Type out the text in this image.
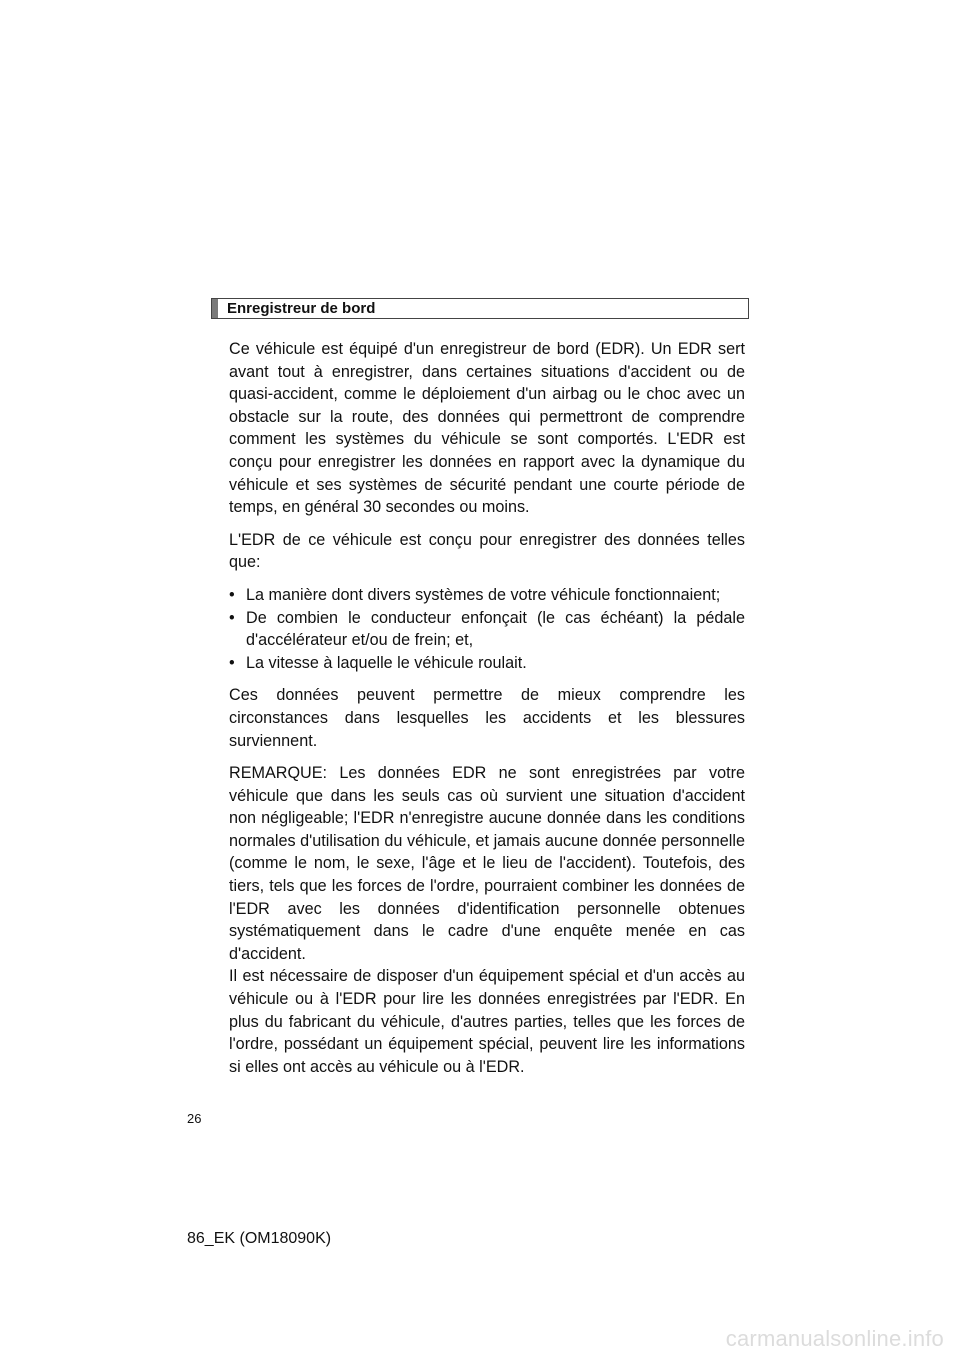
Enregistreur de bord

Ce véhicule est équipé d'un enregistreur de bord (EDR). Un EDR sert avant tout à enregistrer, dans certaines situations d'accident ou de quasi-accident, comme le déploiement d'un airbag ou le choc avec un obstacle sur la route, des données qui permettront de comprendre comment les systèmes du véhicule se sont comportés. L'EDR est conçu pour enregistrer les données en rapport avec la dynamique du véhicule et ses systèmes de sécurité pendant une courte période de temps, en général 30 secondes ou moins.

L'EDR de ce véhicule est conçu pour enregistrer des données telles que:

• La manière dont divers systèmes de votre véhicule fonctionnaient;
• De combien le conducteur enfonçait (le cas échéant) la pédale d'accélérateur et/ou de frein; et,
• La vitesse à laquelle le véhicule roulait.

Ces données peuvent permettre de mieux comprendre les circonstances dans lesquelles les accidents et les blessures surviennent.

REMARQUE: Les données EDR ne sont enregistrées par votre véhicule que dans les seuls cas où survient une situation d'accident non négligeable; l'EDR n'enregistre aucune donnée dans les conditions normales d'utilisation du véhicule, et jamais aucune donnée personnelle (comme le nom, le sexe, l'âge et le lieu de l'accident). Toutefois, des tiers, tels que les forces de l'ordre, pourraient combiner les données de l'EDR avec les données d'identification personnelle obtenues systématiquement dans le cadre d'une enquête menée en cas d'accident.

Il est nécessaire de disposer d'un équipement spécial et d'un accès au véhicule ou à l'EDR pour lire les données enregistrées par l'EDR. En plus du fabricant du véhicule, d'autres parties, telles que les forces de l'ordre, possédant un équipement spécial, peuvent lire les informations si elles ont accès au véhicule ou à l'EDR.

26
86_EK (OM18090K)
carmanualsonline.info
